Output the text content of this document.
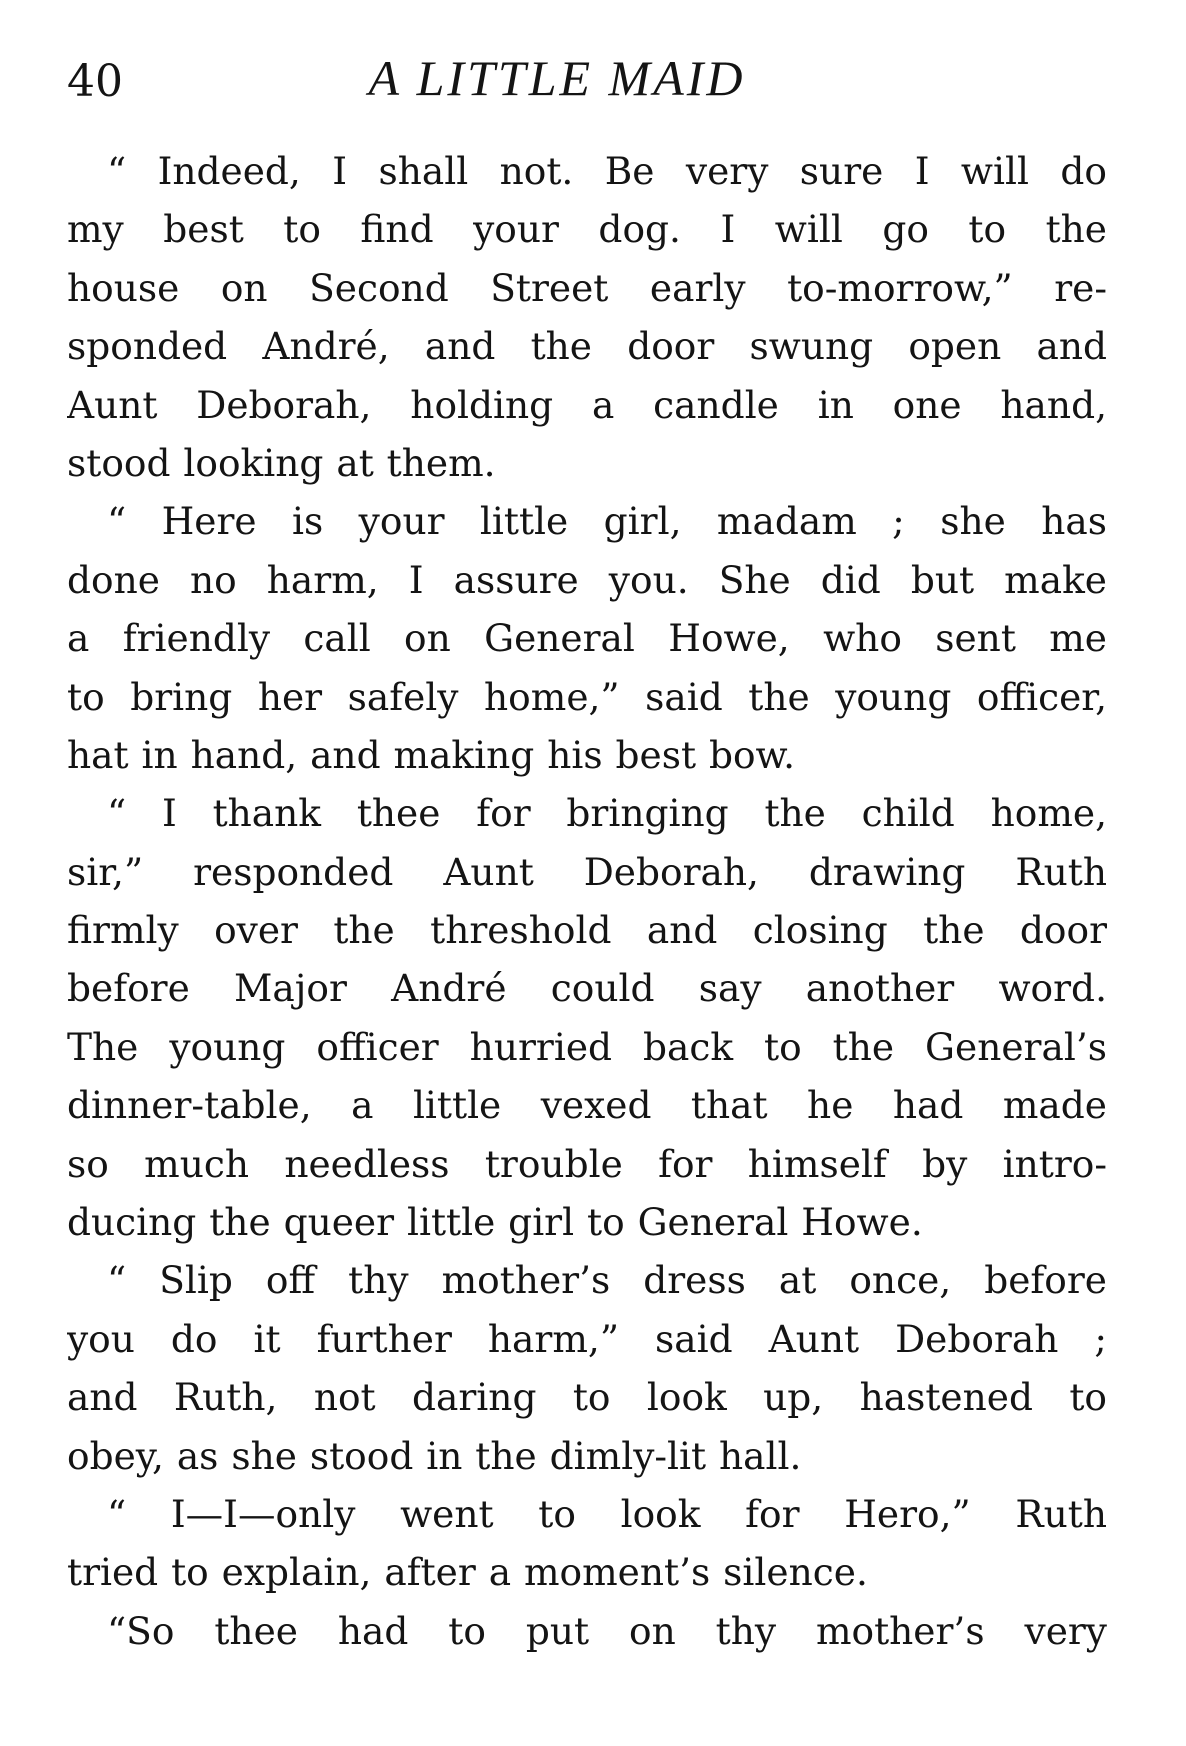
40	A LITTLE MAID
“ Indeed, I shall not. Be very sure I will do
my best to find your dog. I will go to the
house on Second Street early to-morrow,” re-
sponded André, and the door swung open and
Aunt Deborah, holding a candle in one hand,
stood looking at them.
“ Here is your little girl, madam ; she has
done no harm, I assure you. She did but make
a friendly call on General Howe, who sent me
to bring her safely home,” said the young officer,
hat in hand, and making his best bow.
“ I thank thee for bringing the child home,
sir,” responded Aunt Deborah, drawing Ruth
firmly over the threshold and closing the door
before Major André could say another word.
The young officer hurried back to the General’s
dinner-table, a little vexed that he had made
so much needless trouble for himself by intro-
ducing the queer little girl to General Howe.
“ Slip off thy mother’s dress at once, before
you do it further harm,” said Aunt Deborah ;
and Ruth, not daring to look up, hastened to
obey, as she stood in the dimly-lit hall.
“ I—I—only went to look for Hero,” Ruth
tried to explain, after a moment’s silence.
“So thee had to put on thy mother’s very
